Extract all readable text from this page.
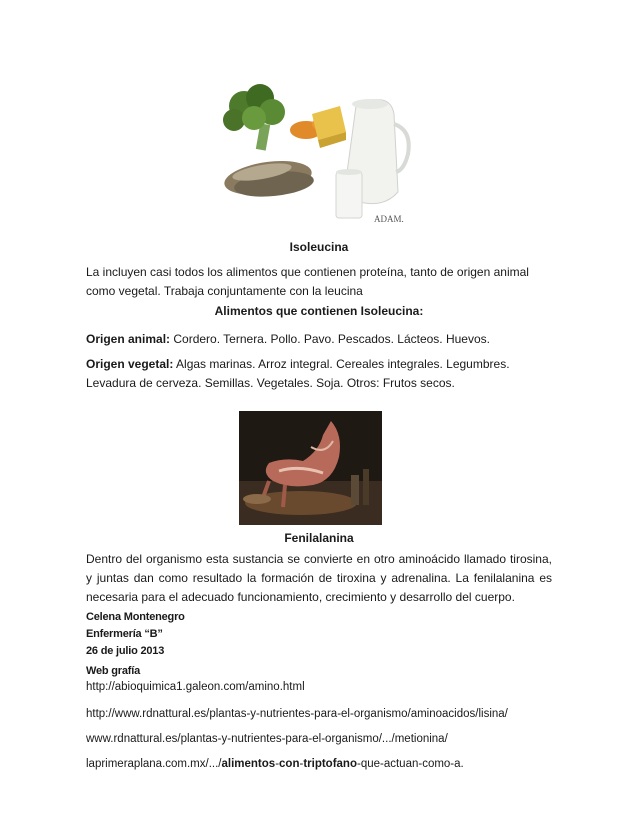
ADAM.
Isoleucina
La incluyen casi todos los alimentos que contienen proteína, tanto de origen animal como vegetal. Trabaja conjuntamente con la leucina
Alimentos que contienen Isoleucina:
Origen animal: Cordero. Ternera. Pollo. Pavo. Pescados. Lácteos. Huevos.
Origen vegetal: Algas marinas. Arroz integral. Cereales integrales. Legumbres. Levadura de cerveza. Semillas. Vegetales. Soja. Otros: Frutos secos.
Fenilalanina
Dentro del organismo esta sustancia se convierte en otro aminoácido llamado tirosina, y juntas dan como resultado la formación de tiroxina y adrenalina. La fenilalanina es necesaria para el adecuado funcionamiento, crecimiento y desarrollo del cuerpo.
Celena Montenegro
Enfermería “B”
26 de julio 2013
Web grafía
http://abioquimica1.galeon.com/amino.html
http://www.rdnattural.es/plantas-y-nutrientes-para-el-organismo/aminoacidos/lisina/
www.rdnattural.es/plantas-y-nutrientes-para-el-organismo/.../metionina/
laprimeraplana.com.mx/.../alimentos-con-triptofano-que-actuan-como-a.
